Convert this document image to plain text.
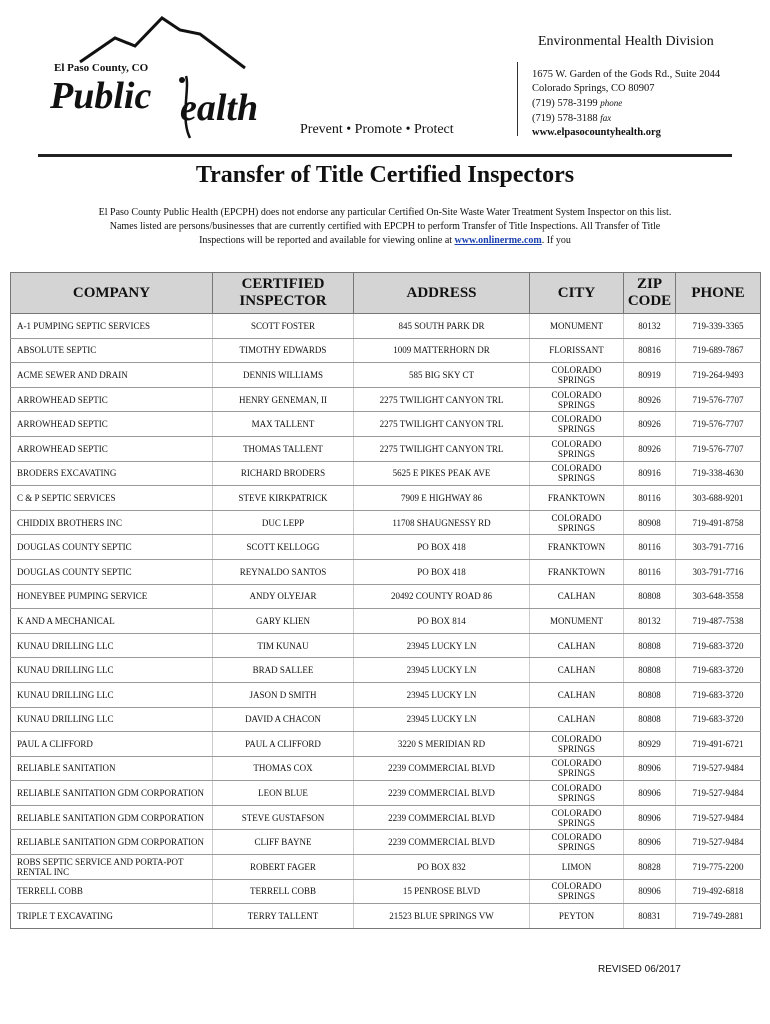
El Paso County, CO
Public ealth
Prevent • Promote • Protect
Environmental Health Division
1675 W. Garden of the Gods Rd., Suite 2044
Colorado Springs, CO 80907
(719) 578-3199 phone
(719) 578-3188 fax
www.elpasocountyhealth.org
Transfer of Title Certified Inspectors
El Paso County Public Health (EPCPH) does not endorse any particular Certified On-Site Waste Water Treatment System Inspector on this list. Names listed are persons/businesses that are currently certified with EPCPH to perform Transfer of Title Inspections. All Transfer of Title Inspections will be reported and available for viewing online at www.onlinerme.com. If you
COMPANY	CERTIFIED INSPECTOR	ADDRESS	CITY	ZIP CODE	PHONE
A-1 PUMPING SEPTIC SERVICES	SCOTT FOSTER	845 SOUTH PARK DR	MONUMENT	80132	719-339-3365
ABSOLUTE SEPTIC	TIMOTHY EDWARDS	1009 MATTERHORN DR	FLORISSANT	80816	719-689-7867
ACME SEWER AND DRAIN	DENNIS WILLIAMS	585 BIG SKY CT	COLORADO SPRINGS	80919	719-264-9493
ARROWHEAD SEPTIC	HENRY GENEMAN, II	2275 TWILIGHT CANYON TRL	COLORADO SPRINGS	80926	719-576-7707
ARROWHEAD SEPTIC	MAX TALLENT	2275 TWILIGHT CANYON TRL	COLORADO SPRINGS	80926	719-576-7707
ARROWHEAD SEPTIC	THOMAS TALLENT	2275 TWILIGHT CANYON TRL	COLORADO SPRINGS	80926	719-576-7707
BRODERS EXCAVATING	RICHARD BRODERS	5625 E PIKES PEAK AVE	COLORADO SPRINGS	80916	719-338-4630
C & P SEPTIC SERVICES	STEVE KIRKPATRICK	7909 E HIGHWAY 86	FRANKTOWN	80116	303-688-9201
CHIDDIX BROTHERS INC	DUC LEPP	11708 SHAUGNESSY RD	COLORADO SPRINGS	80908	719-491-8758
DOUGLAS COUNTY SEPTIC	SCOTT KELLOGG	PO BOX 418	FRANKTOWN	80116	303-791-7716
DOUGLAS COUNTY SEPTIC	REYNALDO SANTOS	PO BOX 418	FRANKTOWN	80116	303-791-7716
HONEYBEE PUMPING SERVICE	ANDY OLYEJAR	20492 COUNTY ROAD 86	CALHAN	80808	303-648-3558
K AND A MECHANICAL	GARY KLIEN	PO BOX 814	MONUMENT	80132	719-487-7538
KUNAU DRILLING LLC	TIM KUNAU	23945 LUCKY LN	CALHAN	80808	719-683-3720
KUNAU DRILLING LLC	BRAD SALLEE	23945 LUCKY LN	CALHAN	80808	719-683-3720
KUNAU DRILLING LLC	JASON D SMITH	23945 LUCKY LN	CALHAN	80808	719-683-3720
KUNAU DRILLING LLC	DAVID A CHACON	23945 LUCKY LN	CALHAN	80808	719-683-3720
PAUL A CLIFFORD	PAUL A CLIFFORD	3220 S MERIDIAN RD	COLORADO SPRINGS	80929	719-491-6721
RELIABLE SANITATION	THOMAS COX	2239 COMMERCIAL BLVD	COLORADO SPRINGS	80906	719-527-9484
RELIABLE SANITATION GDM CORPORATION	LEON BLUE	2239 COMMERCIAL BLVD	COLORADO SPRINGS	80906	719-527-9484
RELIABLE SANITATION GDM CORPORATION	STEVE GUSTAFSON	2239 COMMERCIAL BLVD	COLORADO SPRINGS	80906	719-527-9484
RELIABLE SANITATION GDM CORPORATION	CLIFF BAYNE	2239 COMMERCIAL BLVD	COLORADO SPRINGS	80906	719-527-9484
ROBS SEPTIC SERVICE AND PORTA-POT RENTAL INC	ROBERT FAGER	PO BOX 832	LIMON	80828	719-775-2200
TERRELL COBB	TERRELL COBB	15 PENROSE BLVD	COLORADO SPRINGS	80906	719-492-6818
TRIPLE T EXCAVATING	TERRY TALLENT	21523 BLUE SPRINGS VW	PEYTON	80831	719-749-2881
REVISED 06/2017
